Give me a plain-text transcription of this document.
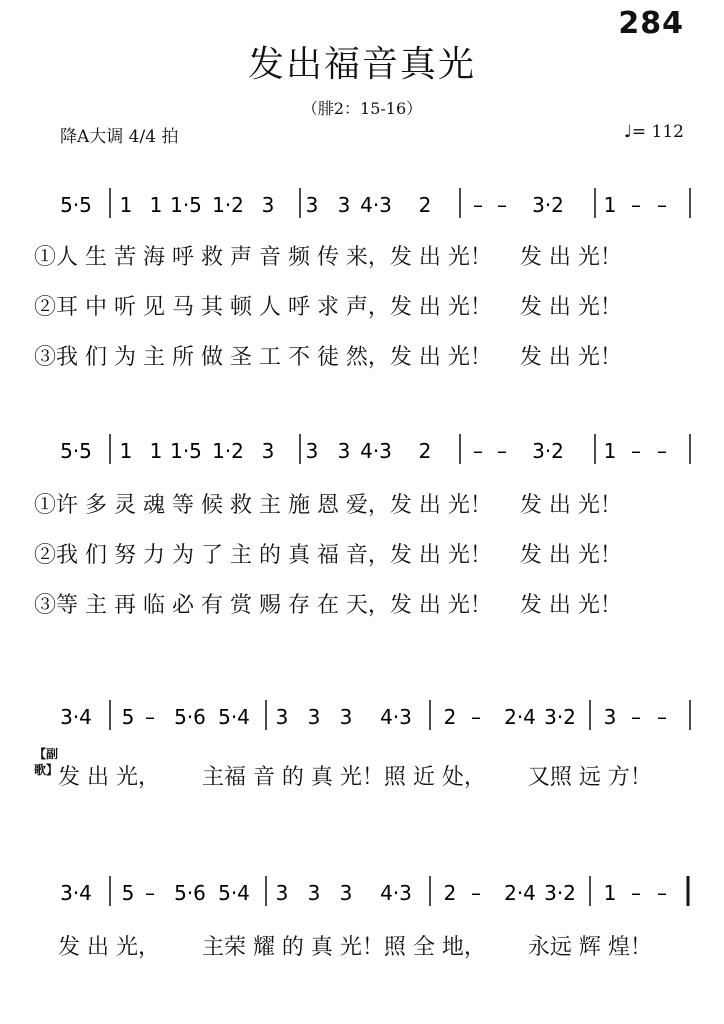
284
发出福音真光
（腓2：15-16）
降A大调 4/4 拍	♩= 112
5·5 1 1 1·5 1·2 3 3 3 4·3 2 – – 3·2 1 – –
①人 生 苦 海 呼 救 声 音 频 传 来，发 出 光！    发 出 光！
②耳 中 听 见 马 其 顿 人 呼 求 声，发 出 光！    发 出 光！
③我 们 为 主 所 做 圣 工 不 徒 然，发 出 光！    发 出 光！
5·5 1 1 1·5 1·2 3 3 3 4·3 2 – – 3·2 1 – –
①许 多 灵 魂 等 候 救 主 施 恩 爱，发 出 光！    发 出 光！
②我 们 努 力 为 了 主 的 真 福 音，发 出 光！    发 出 光！
③等 主 再 临 必 有 赏 赐 存 在 天，发 出 光！    发 出 光！
3·4 5 – 5·6 5·4 3 3 3 4·3 2 – 2·4 3·2 3 – –
【副歌】 发 出 光，      主福 音 的 真 光！照 近 处，      又照 远 方！
3·4 5 – 5·6 5·4 3 3 3 4·3 2 – 2·4 3·2 1 – –
发 出 光，      主荣 耀 的 真 光！照 全 地，      永远 辉 煌！
